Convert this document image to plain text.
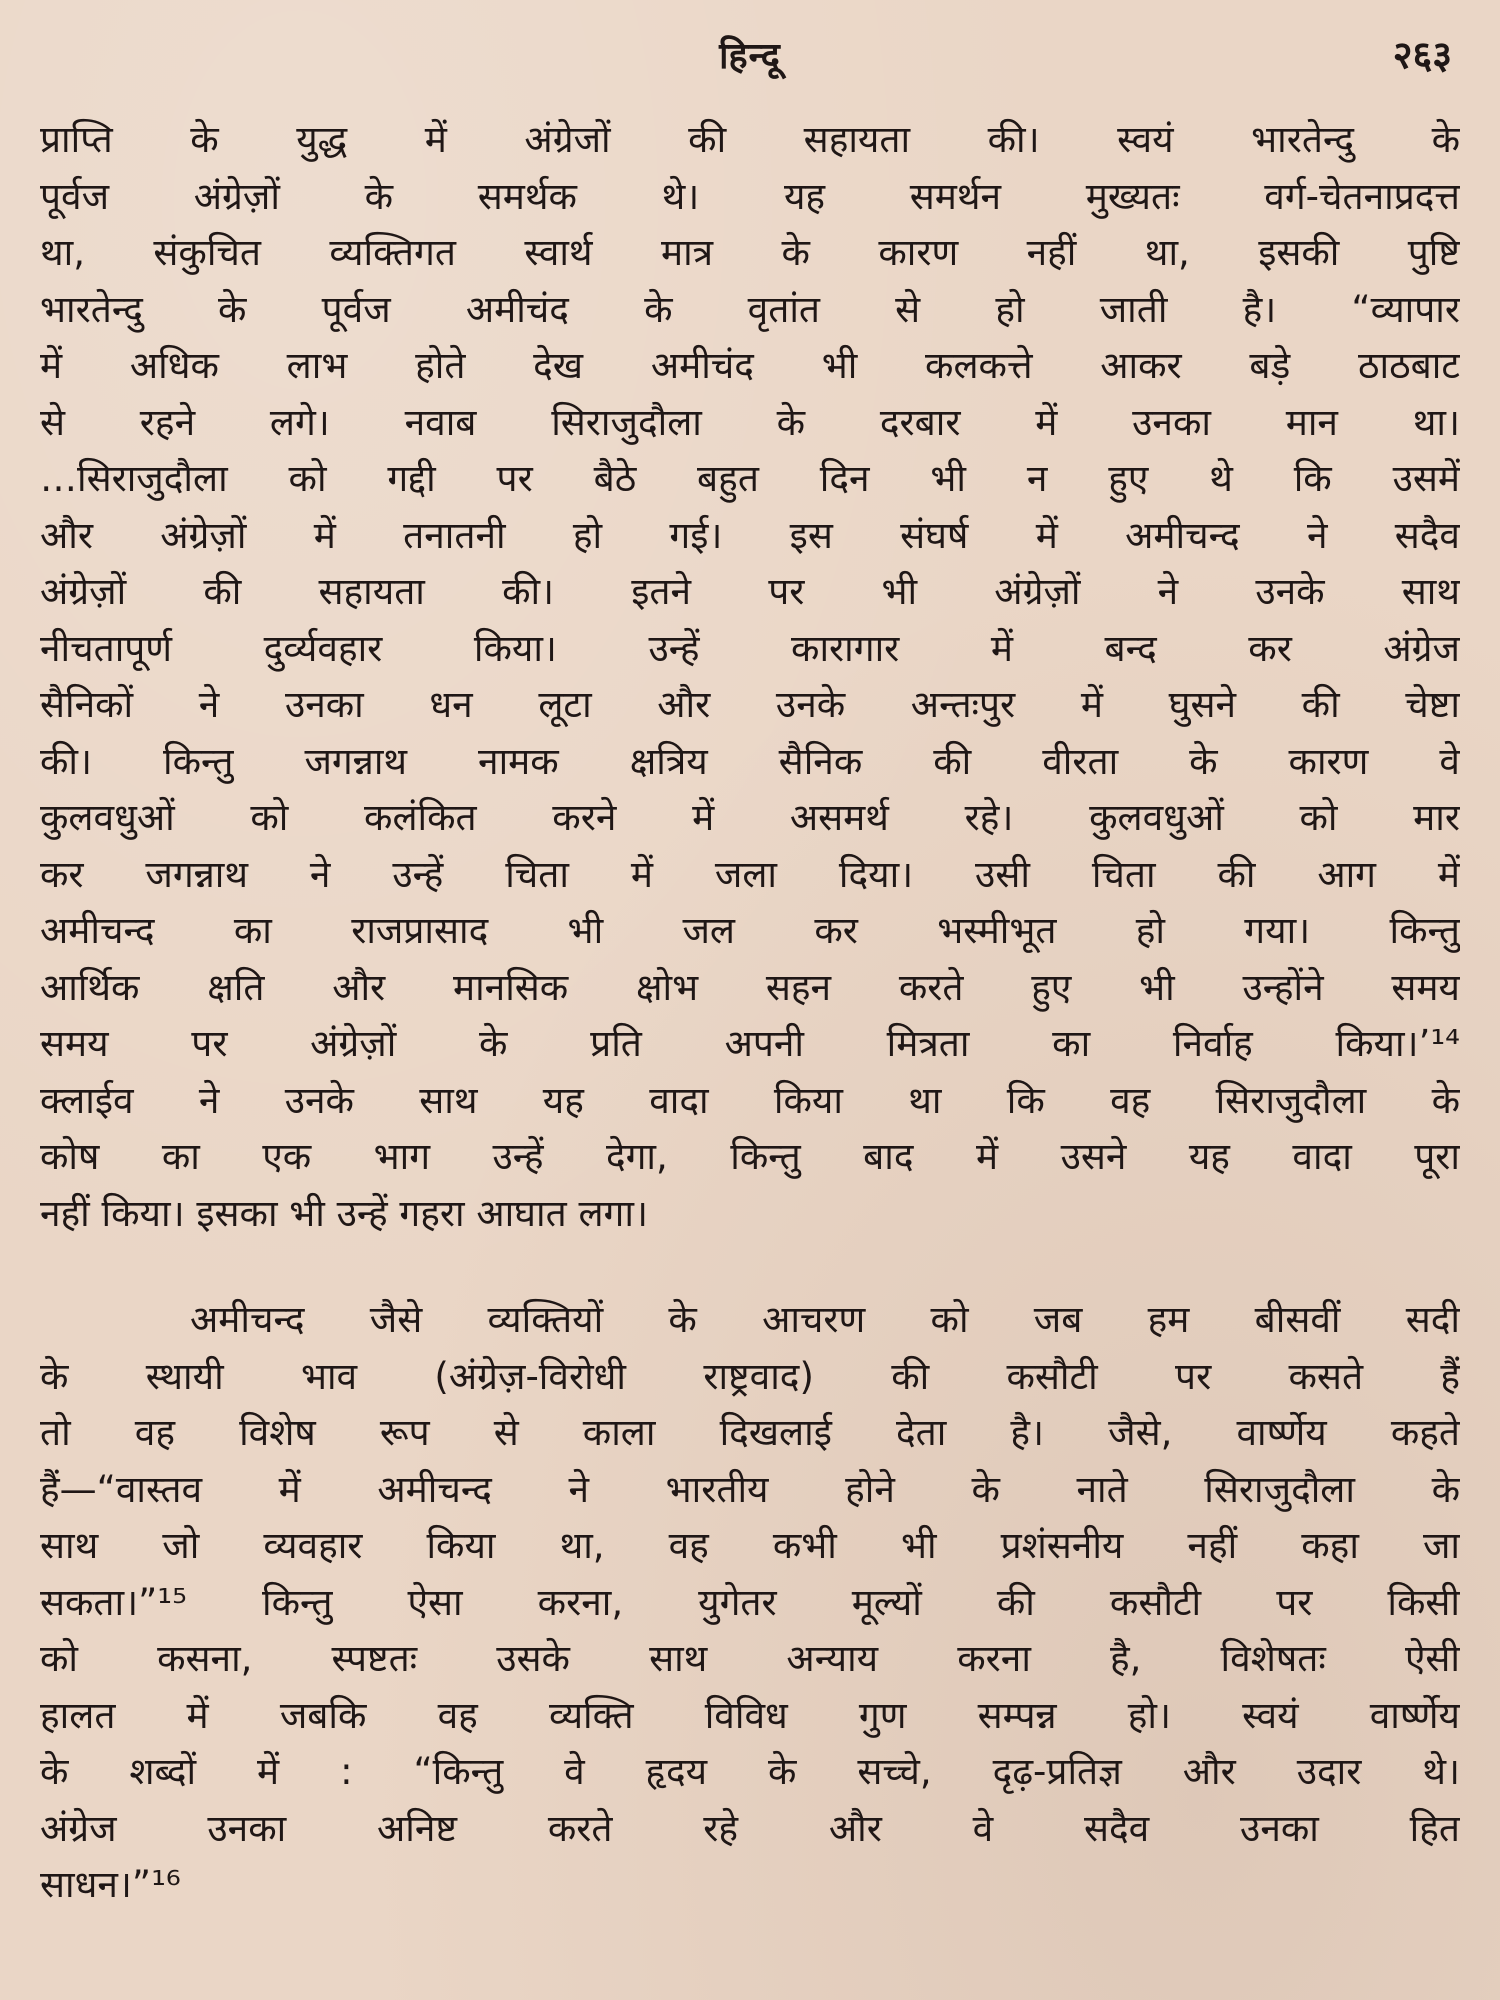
हिन्दू	२६३
प्राप्ति के युद्ध में अंग्रेजों की सहायता की। स्वयं भारतेन्दु के
पूर्वज अंग्रेज़ों के समर्थक थे। यह समर्थन मुख्यतः वर्ग-चेतनाप्रदत्त
था, संकुचित व्यक्तिगत स्वार्थ मात्र के कारण नहीं था, इसकी पुष्टि
भारतेन्दु के पूर्वज अमीचंद के वृतांत से हो जाती है। “व्यापार
में अधिक लाभ होते देख अमीचंद भी कलकत्ते आकर बड़े ठाठबाट
से रहने लगे। नवाब सिराजुदौला के दरबार में उनका मान था।
…सिराजुदौला को गद्दी पर बैठे बहुत दिन भी न हुए थे कि उसमें
और अंग्रेज़ों में तनातनी हो गई। इस संघर्ष में अमीचन्द ने सदैव
अंग्रेज़ों की सहायता की। इतने पर भी अंग्रेज़ों ने उनके साथ
नीचतापूर्ण दुर्व्यवहार किया। उन्हें कारागार में बन्द कर अंग्रेज
सैनिकों ने उनका धन लूटा और उनके अन्तःपुर में घुसने की चेष्टा
की। किन्तु जगन्नाथ नामक क्षत्रिय सैनिक की वीरता के कारण वे
कुलवधुओं को कलंकित करने में असमर्थ रहे। कुलवधुओं को मार
कर जगन्नाथ ने उन्हें चिता में जला दिया। उसी चिता की आग में
अमीचन्द का राजप्रासाद भी जल कर भस्मीभूत हो गया। किन्तु
आर्थिक क्षति और मानसिक क्षोभ सहन करते हुए भी उन्होंने समय
समय पर अंग्रेज़ों के प्रति अपनी मित्रता का निर्वाह किया।’¹⁴
क्लाईव ने उनके साथ यह वादा किया था कि वह सिराजुदौला के
कोष का एक भाग उन्हें देगा, किन्तु बाद में उसने यह वादा पूरा
नहीं किया। इसका भी उन्हें गहरा आघात लगा।
अमीचन्द जैसे व्यक्तियों के आचरण को जब हम बीसवीं सदी
के स्थायी भाव (अंग्रेज़-विरोधी राष्ट्रवाद) की कसौटी पर कसते हैं
तो वह विशेष रूप से काला दिखलाई देता है। जैसे, वार्ष्णेय कहते
हैं—“वास्तव में अमीचन्द ने भारतीय होने के नाते सिराजुदौला के
साथ जो व्यवहार किया था, वह कभी भी प्रशंसनीय नहीं कहा जा
सकता।”¹⁵ किन्तु ऐसा करना, युगेतर मूल्यों की कसौटी पर किसी
को कसना, स्पष्टतः उसके साथ अन्याय करना है, विशेषतः ऐसी
हालत में जबकि वह व्यक्ति विविध गुण सम्पन्न हो। स्वयं वार्ष्णेय
के शब्दों में : “किन्तु वे हृदय के सच्चे, दृढ़-प्रतिज्ञ और उदार थे।
अंग्रेज उनका अनिष्ट करते रहे और वे सदैव उनका हित
साधन।”¹⁶
